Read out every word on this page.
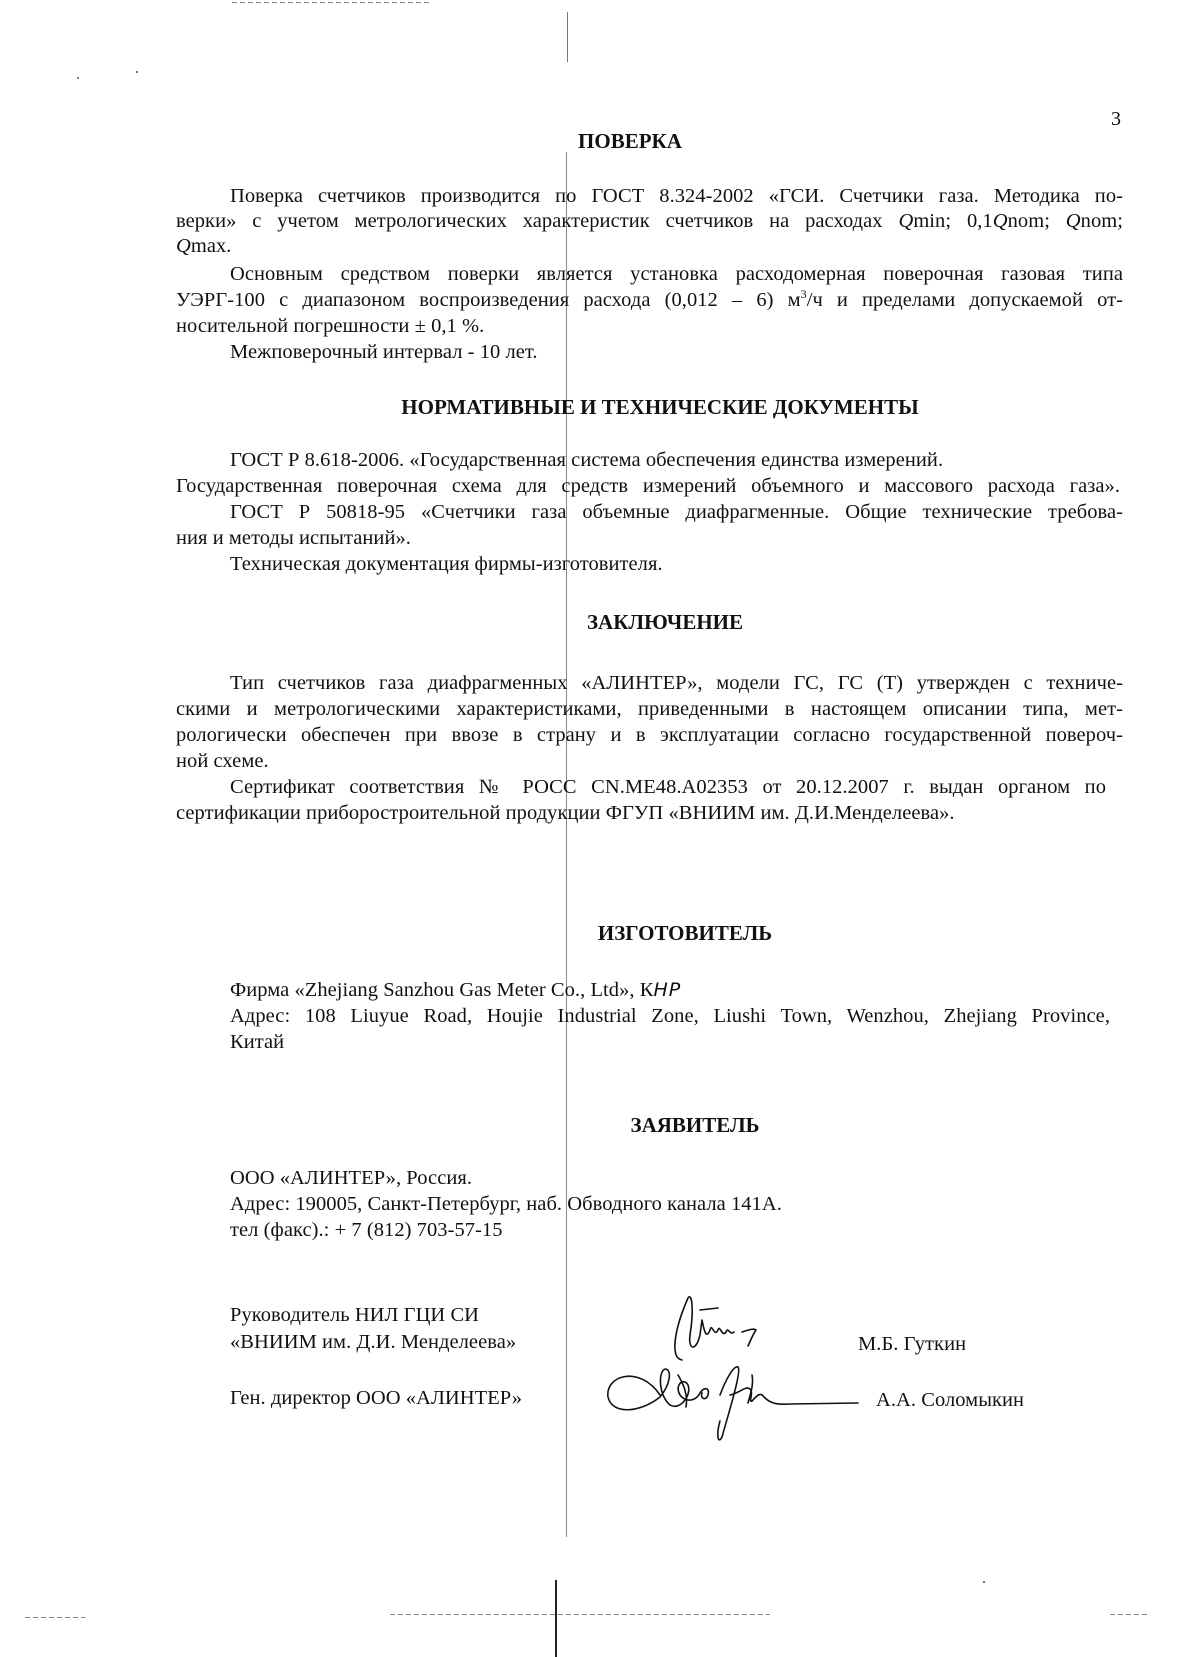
3
ПОВЕРКА
Поверка счетчиков производится по ГОСТ 8.324-2002 «ГСИ. Счетчики газа. Методика по-
верки» с учетом метрологических характеристик счетчиков на расходах Qmin; 0,1Qnom; Qnom;
Qmax.
Основным средством поверки является установка расходомерная поверочная газовая типа
УЭРГ-100 с диапазоном воспроизведения расхода (0,012 – 6) $м^3/ч$ и пределами допускаемой от-
носительной погрешности ± 0,1 %.
Межповерочный интервал - 10 лет.
НОРМАТИВНЫЕ И ТЕХНИЧЕСКИЕ ДОКУМЕНТЫ
ГОСТ Р 8.618-2006. «Государственная система обеспечения единства измерений.
Государственная поверочная схема для средств измерений объемного и массового расхода газа».
ГОСТ Р 50818-95 «Счетчики газа объемные диафрагменные. Общие технические требова-
ния и методы испытаний».
Техническая документация фирмы-изготовителя.
ЗАКЛЮЧЕНИЕ
Тип счетчиков газа диафрагменных «АЛИНТЕР», модели ГС, ГС (Т) утвержден с техниче-
скими и метрологическими характеристиками, приведенными в настоящем описании типа, мет-
рологически обеспечен при ввозе в страну и в эксплуатации согласно государственной повероч-
ной схеме.
Сертификат соответствия № РОСС CN.ME48.A02353 от 20.12.2007 г. выдан органом по
сертификации приборостроительной продукции ФГУП «ВНИИМ им. Д.И.Менделеева».
ИЗГОТОВИТЕЛЬ
Фирма «Zhejiang Sanzhou Gas Meter Co., Ltd», КНР
Адрес: 108 Liuyue Road, Houjie Industrial Zone, Liushi Town, Wenzhou, Zhejiang Province,
Китай
ЗАЯВИТЕЛЬ
ООО «АЛИНТЕР», Россия.
Адрес: 190005, Санкт-Петербург, наб. Обводного канала 141А.
тел (факс).: + 7 (812) 703-57-15
Руководитель НИЛ ГЦИ СИ
«ВНИИМ им. Д.И. Менделеева»	М.Б. Гуткин
Ген. директор ООО «АЛИНТЕР»	А.А. Соломыкин
